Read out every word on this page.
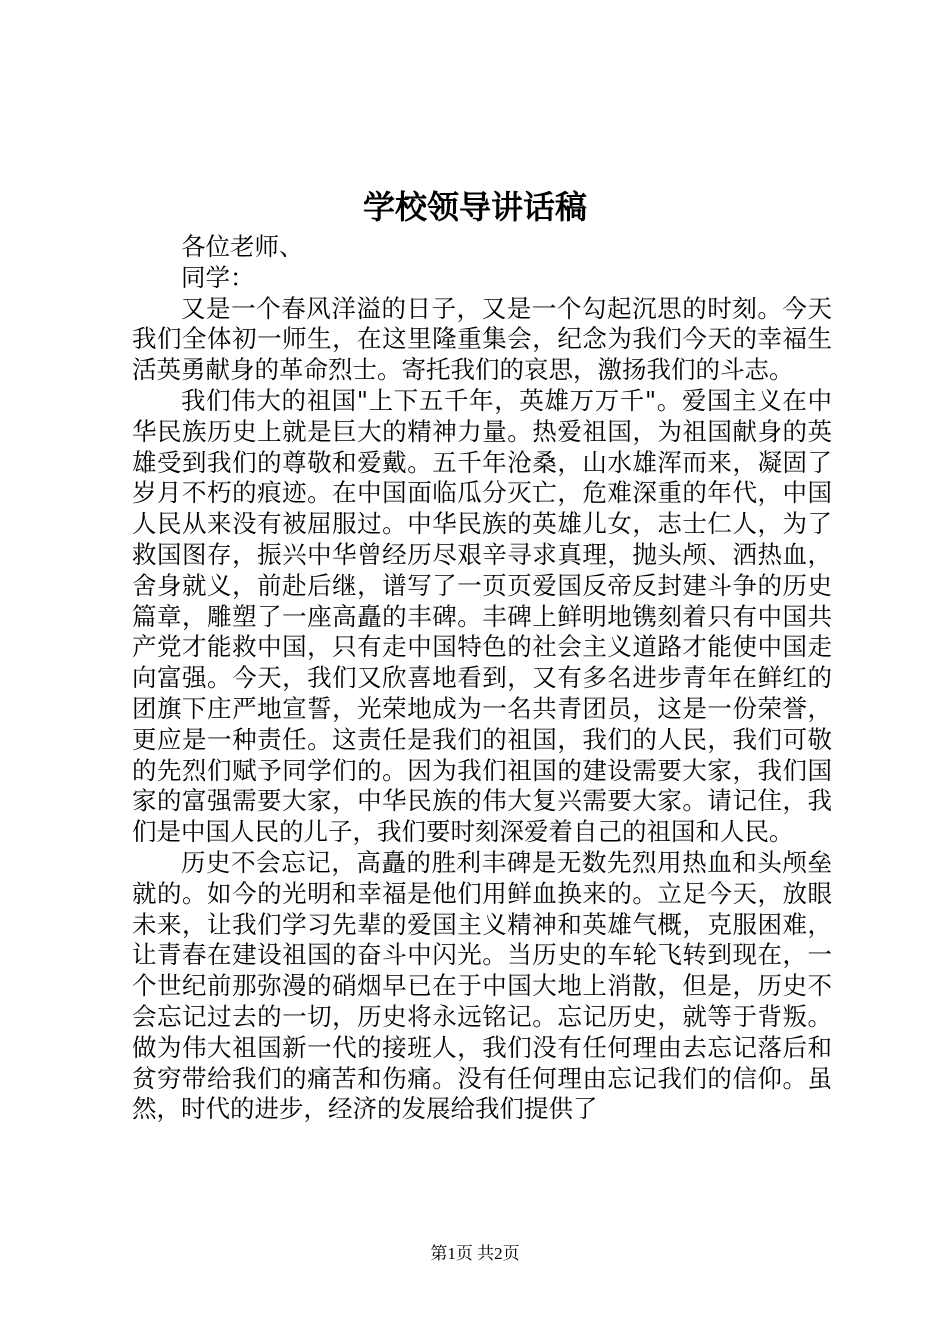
学校领导讲话稿

各位老师、

同学：

又是一个春风洋溢的日子，又是一个勾起沉思的时刻。今天我们全体初一师生，在这里隆重集会，纪念为我们今天的幸福生活英勇献身的革命烈士。寄托我们的哀思，激扬我们的斗志。

我们伟大的祖国"上下五千年，英雄万万千"。爱国主义在中华民族历史上就是巨大的精神力量。热爱祖国，为祖国献身的英雄受到我们的尊敬和爱戴。五千年沧桑，山水雄浑而来，凝固了岁月不朽的痕迹。在中国面临瓜分灭亡，危难深重的年代，中国人民从来没有被屈服过。中华民族的英雄儿女，志士仁人，为了救国图存，振兴中华曾经历尽艰辛寻求真理，抛头颅、洒热血，舍身就义，前赴后继，谱写了一页页爱国反帝反封建斗争的历史篇章，雕塑了一座高矗的丰碑。丰碑上鲜明地镌刻着只有中国共产党才能救中国，只有走中国特色的社会主义道路才能使中国走向富强。今天，我们又欣喜地看到，又有多名进步青年在鲜红的团旗下庄严地宣誓，光荣地成为一名共青团员，这是一份荣誉，更应是一种责任。这责任是我们的祖国，我们的人民，我们可敬的先烈们赋予同学们的。因为我们祖国的建设需要大家，我们国家的富强需要大家，中华民族的伟大复兴需要大家。请记住，我们是中国人民的儿子，我们要时刻深爱着自己的祖国和人民。

历史不会忘记，高矗的胜利丰碑是无数先烈用热血和头颅垒就的。如今的光明和幸福是他们用鲜血换来的。立足今天，放眼未来，让我们学习先辈的爱国主义精神和英雄气概，克服困难，让青春在建设祖国的奋斗中闪光。当历史的车轮飞转到现在，一个世纪前那弥漫的硝烟早已在于中国大地上消散，但是，历史不会忘记过去的一切，历史将永远铭记。忘记历史，就等于背叛。做为伟大祖国新一代的接班人，我们没有任何理由去忘记落后和贫穷带给我们的痛苦和伤痛。没有任何理由忘记我们的信仰。虽然，时代的进步，经济的发展给我们提供了

第1页 共2页
